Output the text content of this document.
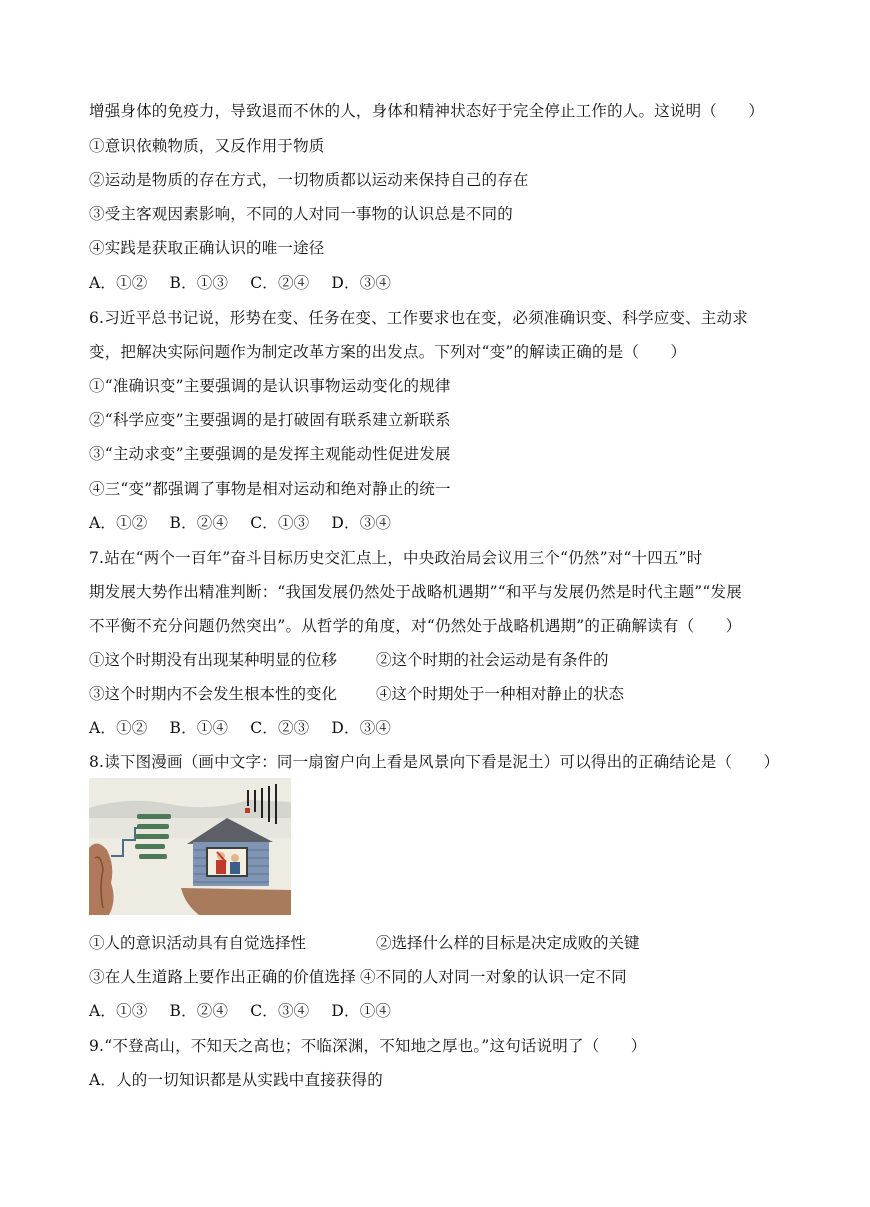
增强身体的免疫力，导致退而不休的人，身体和精神状态好于完全停止工作的人。这说明（　　）
①意识依赖物质，又反作用于物质
②运动是物质的存在方式，一切物质都以运动来保持自己的存在
③受主客观因素影响，不同的人对同一事物的认识总是不同的
④实践是获取正确认识的唯一途径
A．①② B．①③ C．②④ D．③④
6.习近平总书记说，形势在变、任务在变、工作要求也在变，必须准确识变、科学应变、主动求
变，把解决实际问题作为制定改革方案的出发点。下列对“变”的解读正确的是（　　）
①“准确识变”主要强调的是认识事物运动变化的规律
②“科学应变”主要强调的是打破固有联系建立新联系
③“主动求变”主要强调的是发挥主观能动性促进发展
④三“变”都强调了事物是相对运动和绝对静止的统一
A．①② B．②④ C．①③ D．③④
7.站在“两个一百年”奋斗目标历史交汇点上，中央政治局会议用三个“仍然”对“十四五”时
期发展大势作出精准判断：“我国发展仍然处于战略机遇期”“和平与发展仍然是时代主题”“发展
不平衡不充分问题仍然突出”。从哲学的角度，对“仍然处于战略机遇期”的正确解读有（　　）
①这个时期没有出现某种明显的位移	②这个时期的社会运动是有条件的
③这个时期内不会发生根本性的变化	④这个时期处于一种相对静止的状态
A．①② B．①④ C．②③ D．③④
8.读下图漫画（画中文字：同一扇窗户向上看是风景向下看是泥土）可以得出的正确结论是（　　）
①人的意识活动具有自觉选择性	②选择什么样的目标是决定成败的关键
③在人生道路上要作出正确的价值选择  ④不同的人对同一对象的认识一定不同
A．①③ B．②④ C．③④ D．①④
9.“不登高山，不知天之高也；不临深渊，不知地之厚也。”这句话说明了（　　）
A．人的一切知识都是从实践中直接获得的
